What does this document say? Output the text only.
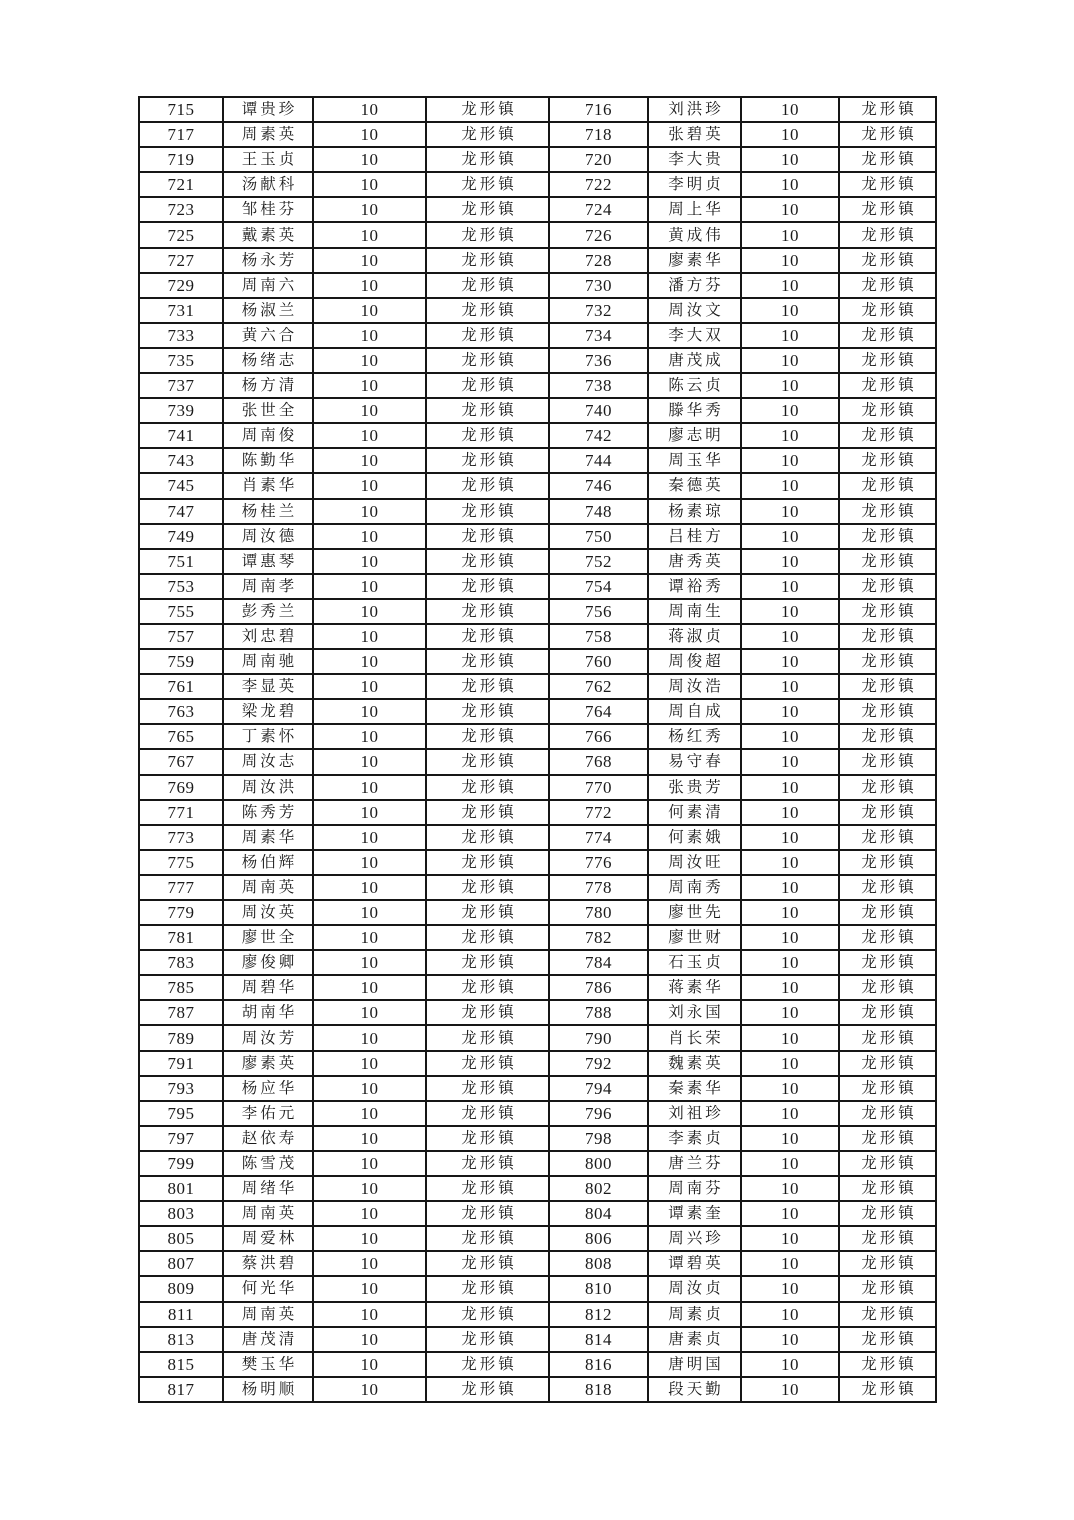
715	谭贵珍	10	龙形镇	716	刘洪珍	10	龙形镇
717	周素英	10	龙形镇	718	张碧英	10	龙形镇
719	王玉贞	10	龙形镇	720	李大贵	10	龙形镇
721	汤献科	10	龙形镇	722	李明贞	10	龙形镇
723	邹桂芬	10	龙形镇	724	周上华	10	龙形镇
725	戴素英	10	龙形镇	726	黄成伟	10	龙形镇
727	杨永芳	10	龙形镇	728	廖素华	10	龙形镇
729	周南六	10	龙形镇	730	潘方芬	10	龙形镇
731	杨淑兰	10	龙形镇	732	周汝文	10	龙形镇
733	黄六合	10	龙形镇	734	李大双	10	龙形镇
735	杨绪志	10	龙形镇	736	唐茂成	10	龙形镇
737	杨方清	10	龙形镇	738	陈云贞	10	龙形镇
739	张世全	10	龙形镇	740	滕华秀	10	龙形镇
741	周南俊	10	龙形镇	742	廖志明	10	龙形镇
743	陈勤华	10	龙形镇	744	周玉华	10	龙形镇
745	肖素华	10	龙形镇	746	秦德英	10	龙形镇
747	杨桂兰	10	龙形镇	748	杨素琼	10	龙形镇
749	周汝德	10	龙形镇	750	吕桂方	10	龙形镇
751	谭惠琴	10	龙形镇	752	唐秀英	10	龙形镇
753	周南孝	10	龙形镇	754	谭裕秀	10	龙形镇
755	彭秀兰	10	龙形镇	756	周南生	10	龙形镇
757	刘忠碧	10	龙形镇	758	蒋淑贞	10	龙形镇
759	周南驰	10	龙形镇	760	周俊超	10	龙形镇
761	李显英	10	龙形镇	762	周汝浩	10	龙形镇
763	梁龙碧	10	龙形镇	764	周自成	10	龙形镇
765	丁素怀	10	龙形镇	766	杨红秀	10	龙形镇
767	周汝志	10	龙形镇	768	易守春	10	龙形镇
769	周汝洪	10	龙形镇	770	张贵芳	10	龙形镇
771	陈秀芳	10	龙形镇	772	何素清	10	龙形镇
773	周素华	10	龙形镇	774	何素娥	10	龙形镇
775	杨伯辉	10	龙形镇	776	周汝旺	10	龙形镇
777	周南英	10	龙形镇	778	周南秀	10	龙形镇
779	周汝英	10	龙形镇	780	廖世先	10	龙形镇
781	廖世全	10	龙形镇	782	廖世财	10	龙形镇
783	廖俊卿	10	龙形镇	784	石玉贞	10	龙形镇
785	周碧华	10	龙形镇	786	蒋素华	10	龙形镇
787	胡南华	10	龙形镇	788	刘永国	10	龙形镇
789	周汝芳	10	龙形镇	790	肖长荣	10	龙形镇
791	廖素英	10	龙形镇	792	魏素英	10	龙形镇
793	杨应华	10	龙形镇	794	秦素华	10	龙形镇
795	李佑元	10	龙形镇	796	刘祖珍	10	龙形镇
797	赵依寿	10	龙形镇	798	李素贞	10	龙形镇
799	陈雪茂	10	龙形镇	800	唐兰芬	10	龙形镇
801	周绪华	10	龙形镇	802	周南芬	10	龙形镇
803	周南英	10	龙形镇	804	谭素奎	10	龙形镇
805	周爱林	10	龙形镇	806	周兴珍	10	龙形镇
807	蔡洪碧	10	龙形镇	808	谭碧英	10	龙形镇
809	何光华	10	龙形镇	810	周汝贞	10	龙形镇
811	周南英	10	龙形镇	812	周素贞	10	龙形镇
813	唐茂清	10	龙形镇	814	唐素贞	10	龙形镇
815	樊玉华	10	龙形镇	816	唐明国	10	龙形镇
817	杨明顺	10	龙形镇	818	段天勤	10	龙形镇
